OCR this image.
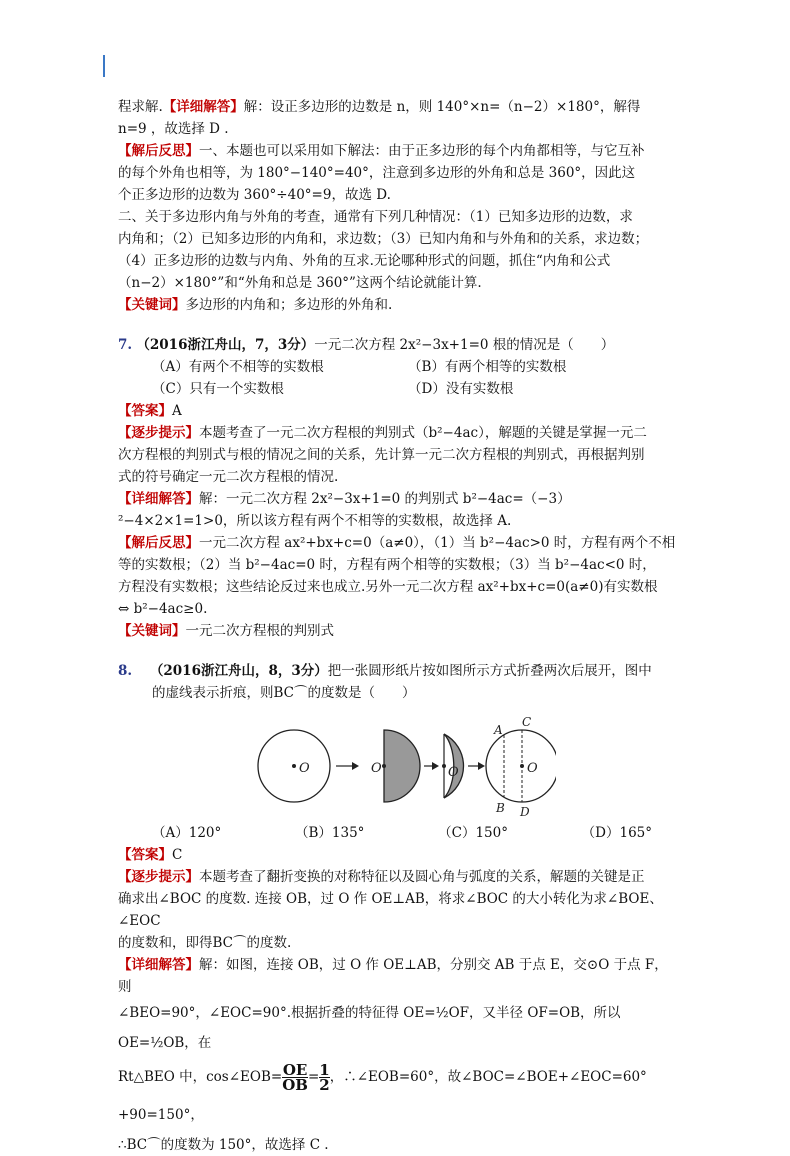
程求解.【详细解答】解：设正多边形的边数是 n，则 140°×n=（n−2）×180°，解得

n=9 ，故选择 D .

【解后反思】一、本题也可以采用如下解法：由于正多边形的每个内角都相等，与它互补

的每个外角也相等，为 180°−140°=40°，注意到多边形的外角和总是 360°，因此这

个正多边形的边数为 360°÷40°=9，故选 D.

二、关于多边形内角与外角的考查，通常有下列几种情况：（1）已知多边形的边数，求

内角和；（2）已知多边形的内角和，求边数；（3）已知内角和与外角和的关系，求边数；

（4）正多边形的边数与内角、外角的互求.无论哪种形式的问题，抓住“内角和公式

（n−2）×180°”和“外角和总是 360°”这两个结论就能计算.

【关键词】多边形的内角和；多边形的外角和.

7. （2016浙江舟山，7，3分）一元二次方程 2x²−3x+1=0 根的情况是（　　）

（A）有两个不相等的实数根	（B）有两个相等的实数根
（C）只有一个实数根	（D）没有实数根

【答案】A

【逐步提示】本题考查了一元二次方程根的判别式（b²−4ac），解题的关键是掌握一元二

次方程根的判别式与根的情况之间的关系，先计算一元二次方程根的判别式，再根据判别

式的符号确定一元二次方程根的情况.

【详细解答】解：一元二次方程 2x²−3x+1=0 的判别式 b²−4ac=（−3）

²−4×2×1=1>0，所以该方程有两个不相等的实数根，故选择 A.

【解后反思】一元二次方程 ax²+bx+c=0（a≠0），（1）当 b²−4ac>0 时，方程有两个不相

等的实数根；（2）当 b²−4ac=0 时，方程有两个相等的实数根；（3）当 b²−4ac<0 时，

方程没有实数根；这些结论反过来也成立.另外一元二次方程 ax²+bx+c=0(a≠0)有实数根

⇔ b²−4ac≥0.

【关键词】一元二次方程根的判别式

8.　 （2016浙江舟山，8，3分）把一张圆形纸片按如图所示方式折叠两次后展开，图中

的虚线表示折痕，则BC⌒的度数是（　　）

O	O	O	O
A
C
B D
（A）120°	（B）135°	（C）150°	（D）165°

【答案】C

【逐步提示】本题考查了翻折变换的对称特征以及圆心角与弧度的关系，解题的关键是正

确求出∠BOC 的度数. 连接 OB，过 O 作 OE⊥AB，将求∠BOC 的大小转化为求∠BOE、∠EOC

的度数和，即得BC⌒的度数.

【详细解答】解：如图，连接 OB，过 O 作 OE⊥AB，分别交 AB 于点 E，交⊙O 于点 F，则

∠BEO=90°，∠EOC=90°.根据折叠的特征得 OE=½OF，又半径 OF=OB，所以 OE=½OB，在

Rt△BEO 中，cos∠EOB= $\frac{OE}{OB} = \frac{1}{2}$ ，∴∠EOB=60°，故∠BOC=∠BOE+∠EOC=60°+90=150°，

∴BC⌒的度数为 150°，故选择 C .
